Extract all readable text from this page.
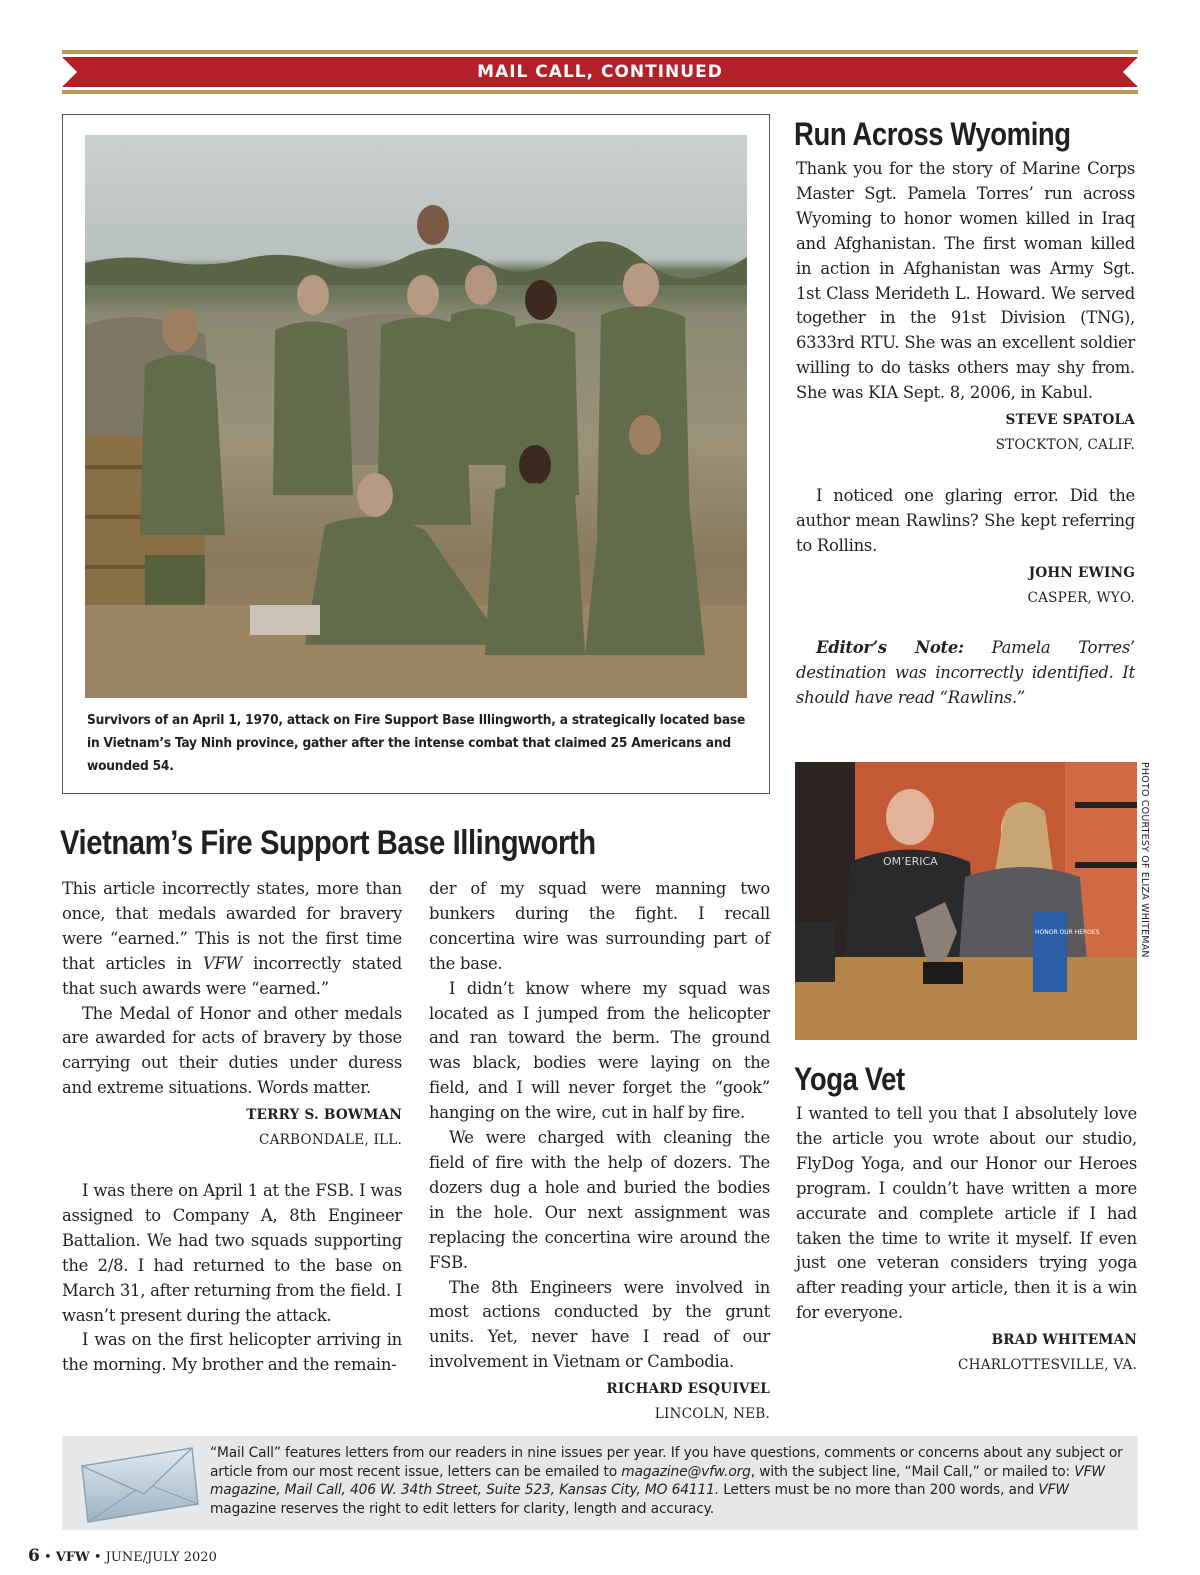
MAIL CALL, CONTINUED
Survivors of an April 1, 1970, attack on Fire Support Base Illingworth, a strategically located base in Vietnam’s Tay Ninh province, gather after the intense combat that claimed 25 Americans and wounded 54.
Run Across Wyoming

Thank you for the story of Marine Corps Master Sgt. Pamela Torres’ run across Wyoming to honor women killed in Iraq and Afghanistan. The first woman killed in action in Afghanistan was Army Sgt. 1st Class Merideth L. Howard. We served together in the 91st Division (TNG), 6333rd RTU. She was an excellent soldier willing to do tasks others may shy from. She was KIA Sept. 8, 2006, in Kabul.

STEVE SPATOLA

STOCKTON, CALIF.

I noticed one glaring error. Did the author mean Rawlins? She kept referring to Rollins.

JOHN EWING

CASPER, WYO.

Editor’s Note: Pamela Torres’ destination was incorrectly identified. It should have read “Rawlins.”

OM’ERICA
HONOR OUR HEROES	PHOTO COURTESY OF ELIZA WHITEMAN
Yoga Vet

I wanted to tell you that I absolutely love the article you wrote about our studio, FlyDog Yoga, and our Honor our Heroes program. I couldn’t have written a more accurate and complete article if I had taken the time to write it myself. If even just one veteran considers trying yoga after reading your article, then it is a win for everyone.

BRAD WHITEMAN

CHARLOTTESVILLE, VA.

Vietnam’s Fire Support Base Illingworth

This article incorrectly states, more than once, that medals awarded for bravery were “earned.” This is not the first time that articles in VFW incorrectly stated that such awards were “earned.”

The Medal of Honor and other medals are awarded for acts of bravery by those carrying out their duties under duress and extreme situations. Words matter.

TERRY S. BOWMAN

CARBONDALE, ILL.

I was there on April 1 at the FSB. I was assigned to Company A, 8th Engineer Battalion. We had two squads supporting the 2/8. I had returned to the base on March 31, after returning from the field. I wasn’t present during the attack.

I was on the first helicopter arriving in the morning. My brother and the remain-

der of my squad were manning two bunkers during the fight. I recall concertina wire was surrounding part of the base.

I didn’t know where my squad was located as I jumped from the helicopter and ran toward the berm. The ground was black, bodies were laying on the field, and I will never forget the “gook” hanging on the wire, cut in half by fire.

We were charged with cleaning the field of fire with the help of dozers. The dozers dug a hole and buried the bodies in the hole. Our next assignment was replacing the concertina wire around the FSB.

The 8th Engineers were involved in most actions conducted by the grunt units. Yet, never have I read of our involvement in Vietnam or Cambodia.

RICHARD ESQUIVEL

LINCOLN, NEB.

“Mail Call” features letters from our readers in nine issues per year. If you have questions, comments or concerns about any subject or article from our most recent issue, letters can be emailed to magazine@vfw.org, with the subject line, “Mail Call,” or mailed to: VFW magazine, Mail Call, 406 W. 34th Street, Suite 523, Kansas City, MO 64111. Letters must be no more than 200 words, and VFW magazine reserves the right to edit letters for clarity, length and accuracy.
6 • VFW • JUNE/JULY 2020
